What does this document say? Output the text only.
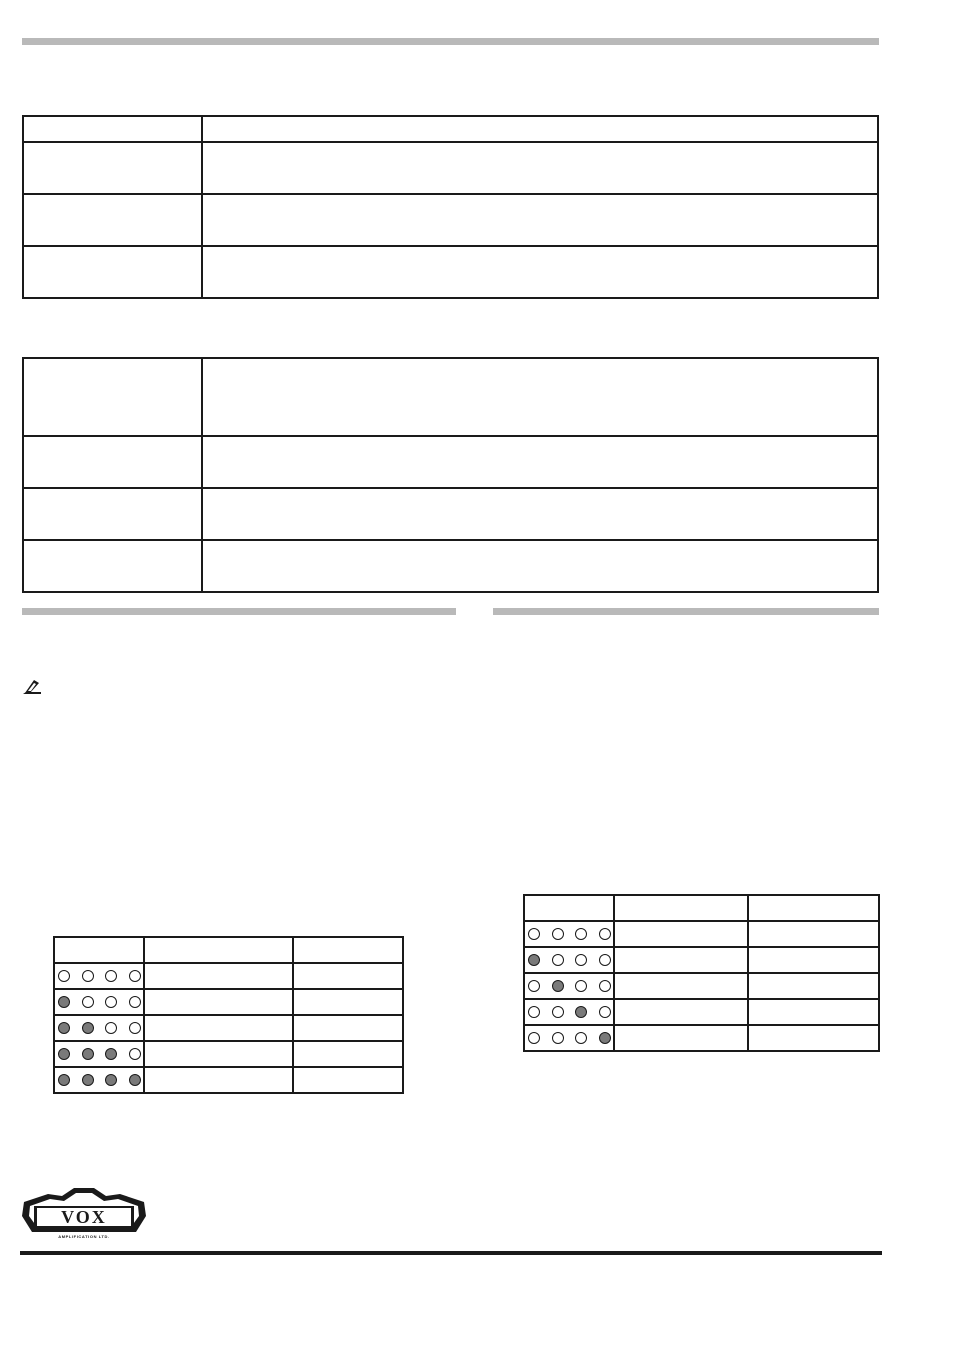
VOX
AMPLIFICATION LTD.
